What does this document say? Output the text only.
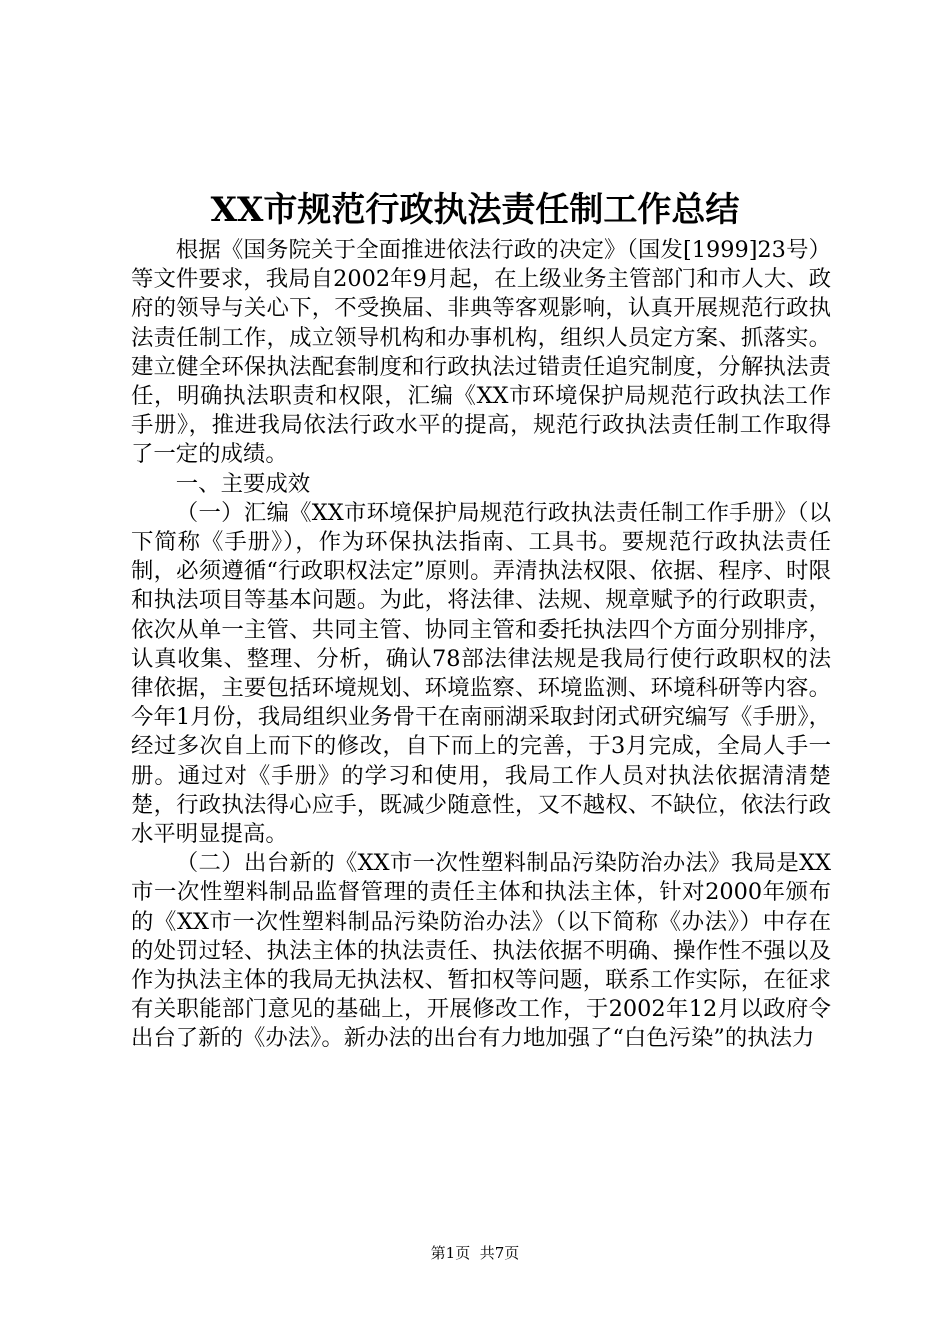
XX市规范行政执法责任制工作总结

根据《国务院关于全面推进依法行政的决定》（国发[1999]23号）等文件要求，我局自2002年9月起，在上级业务主管部门和市人大、政府的领导与关心下，不受换届、非典等客观影响，认真开展规范行政执法责任制工作，成立领导机构和办事机构，组织人员定方案、抓落实。建立健全环保执法配套制度和行政执法过错责任追究制度，分解执法责任，明确执法职责和权限，汇编《XX市环境保护局规范行政执法工作手册》，推进我局依法行政水平的提高，规范行政执法责任制工作取得了一定的成绩。

一、主要成效

（一）汇编《XX市环境保护局规范行政执法责任制工作手册》（以下简称《手册》），作为环保执法指南、工具书。要规范行政执法责任制，必须遵循“行政职权法定”原则。弄清执法权限、依据、程序、时限和执法项目等基本问题。为此，将法律、法规、规章赋予的行政职责，依次从单一主管、共同主管、协同主管和委托执法四个方面分别排序，认真收集、整理、分析，确认78部法律法规是我局行使行政职权的法律依据，主要包括环境规划、环境监察、环境监测、环境科研等内容。今年1月份，我局组织业务骨干在南丽湖采取封闭式研究编写《手册》，经过多次自上而下的修改，自下而上的完善，于3月完成，全局人手一册。通过对《手册》的学习和使用，我局工作人员对执法依据清清楚楚，行政执法得心应手，既减少随意性，又不越权、不缺位，依法行政水平明显提高。

（二）出台新的《XX市一次性塑料制品污染防治办法》我局是XX市一次性塑料制品监督管理的责任主体和执法主体，针对2000年颁布的《XX市一次性塑料制品污染防治办法》（以下简称《办法》）中存在的处罚过轻、执法主体的执法责任、执法依据不明确、操作性不强以及作为执法主体的我局无执法权、暂扣权等问题，联系工作实际，在征求有关职能部门意见的基础上，开展修改工作，于2002年12月以政府令出台了新的《办法》。新办法的出台有力地加强了“白色污染”的执法力

第1页 共7页
